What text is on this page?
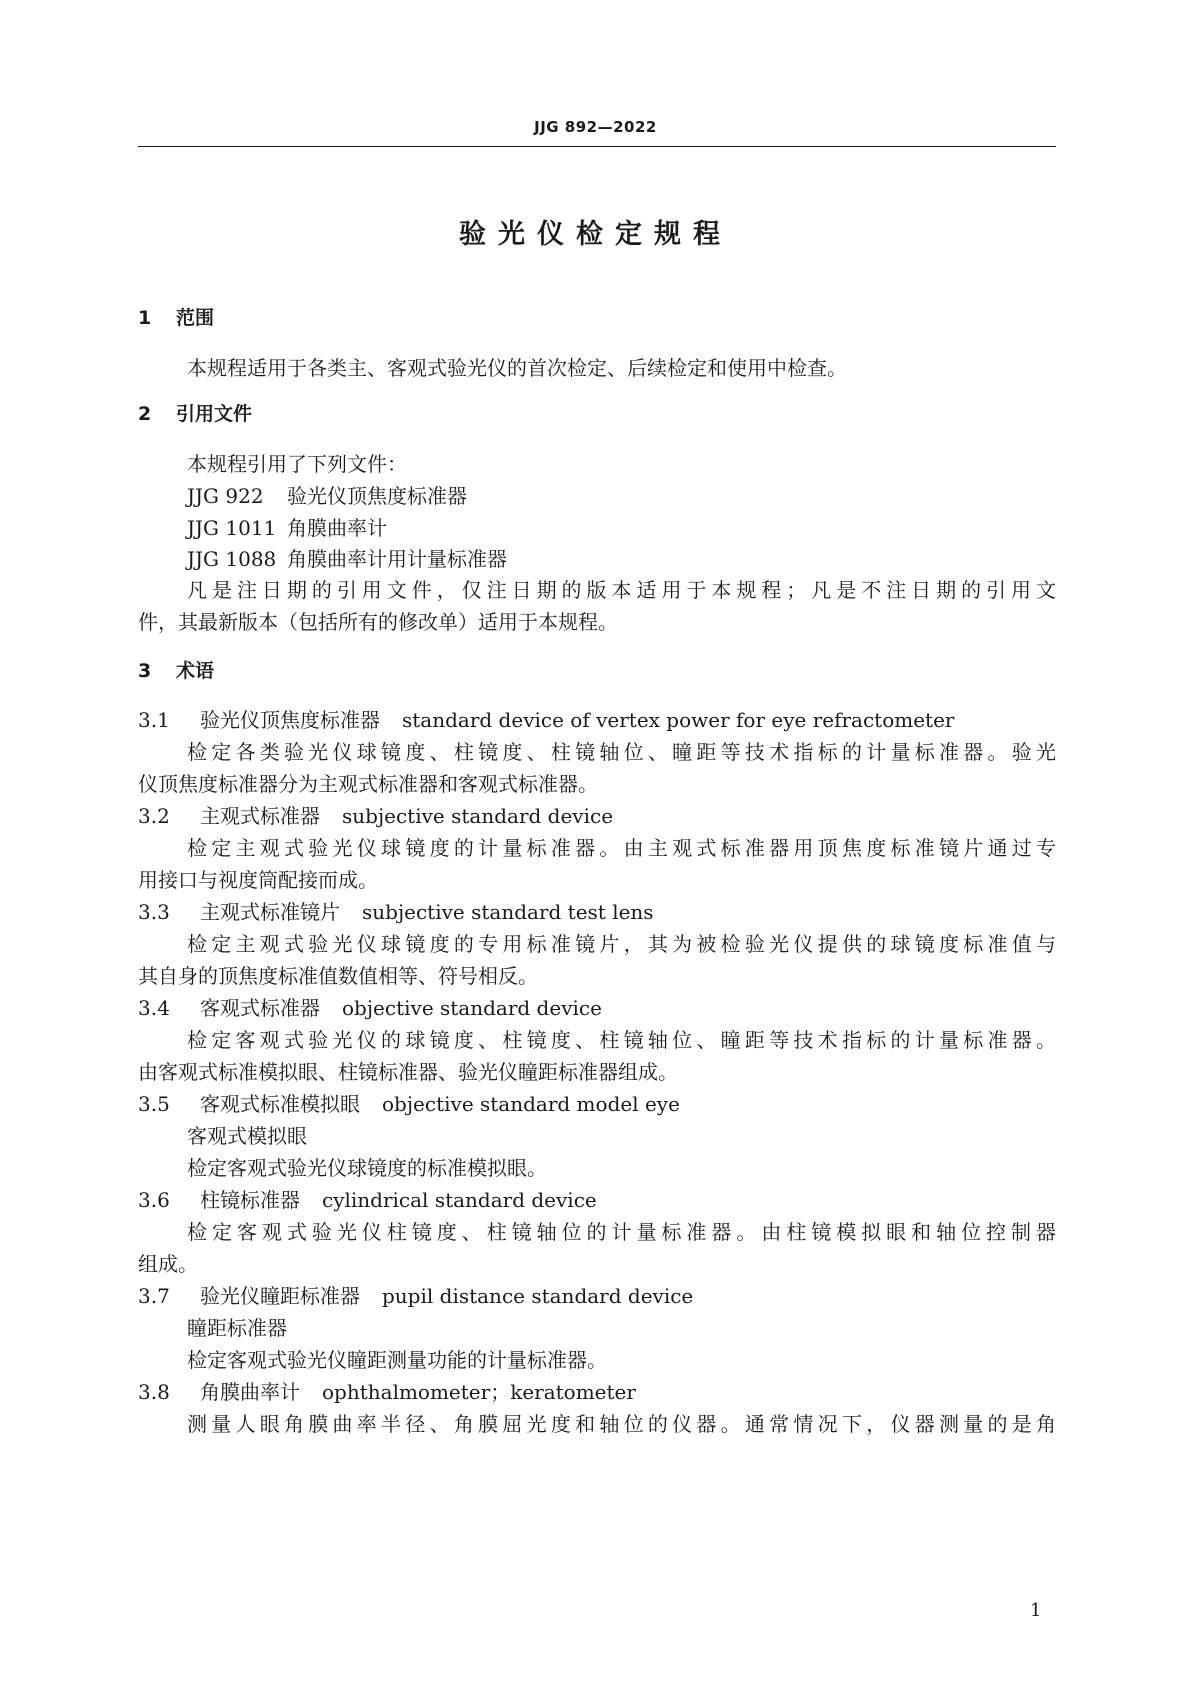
JJG 892—2022
验光仪检定规程
1 范围
本规程适用于各类主、客观式验光仪的首次检定、后续检定和使用中检查。
2 引用文件
本规程引用了下列文件：
JJG 922 验光仪顶焦度标准器
JJG 1011 角膜曲率计
JJG 1088 角膜曲率计用计量标准器
凡是注日期的引用文件，仅注日期的版本适用于本规程；凡是不注日期的引用文
件，其最新版本（包括所有的修改单）适用于本规程。
3 术语
3.1 验光仪顶焦度标准器 standard device of vertex power for eye refractometer
检定各类验光仪球镜度、柱镜度、柱镜轴位、瞳距等技术指标的计量标准器。验光
仪顶焦度标准器分为主观式标准器和客观式标准器。
3.2 主观式标准器 subjective standard device
检定主观式验光仪球镜度的计量标准器。由主观式标准器用顶焦度标准镜片通过专
用接口与视度筒配接而成。
3.3 主观式标准镜片 subjective standard test lens
检定主观式验光仪球镜度的专用标准镜片，其为被检验光仪提供的球镜度标准值与
其自身的顶焦度标准值数值相等、符号相反。
3.4 客观式标准器 objective standard device
检定客观式验光仪的球镜度、柱镜度、柱镜轴位、瞳距等技术指标的计量标准器。
由客观式标准模拟眼、柱镜标准器、验光仪瞳距标准器组成。
3.5 客观式标准模拟眼 objective standard model eye
客观式模拟眼
检定客观式验光仪球镜度的标准模拟眼。
3.6 柱镜标准器 cylindrical standard device
检定客观式验光仪柱镜度、柱镜轴位的计量标准器。由柱镜模拟眼和轴位控制器
组成。
3.7 验光仪瞳距标准器 pupil distance standard device
瞳距标准器
检定客观式验光仪瞳距测量功能的计量标准器。
3.8 角膜曲率计 ophthalmometer；keratometer
测量人眼角膜曲率半径、角膜屈光度和轴位的仪器。通常情况下，仪器测量的是角
1
